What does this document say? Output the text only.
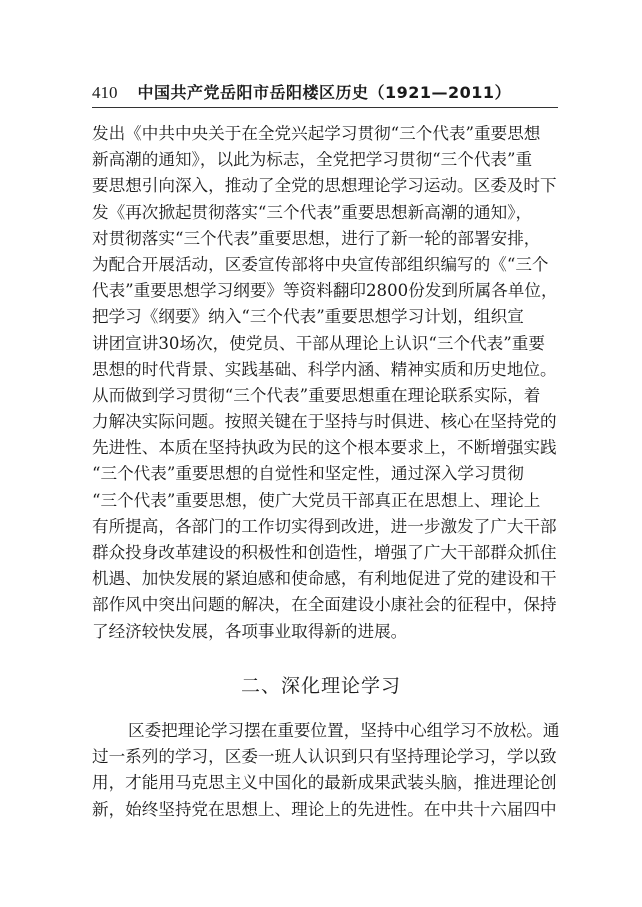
410 中国共产党岳阳市岳阳楼区历史（1921—2011）
发出《中共中央关于在全党兴起学习贯彻“三个代表”重要思想
新高潮的通知》，以此为标志，全党把学习贯彻“三个代表”重
要思想引向深入，推动了全党的思想理论学习运动。区委及时下
发《再次掀起贯彻落实“三个代表”重要思想新高潮的通知》，
对贯彻落实“三个代表”重要思想，进行了新一轮的部署安排，
为配合开展活动，区委宣传部将中央宣传部组织编写的《“三个
代表”重要思想学习纲要》等资料翻印2800份发到所属各单位，
把学习《纲要》纳入“三个代表”重要思想学习计划，组织宣
讲团宣讲30场次，使党员、干部从理论上认识“三个代表”重要
思想的时代背景、实践基础、科学内涵、精神实质和历史地位。
从而做到学习贯彻“三个代表”重要思想重在理论联系实际，着
力解决实际问题。按照关键在于坚持与时俱进、核心在坚持党的
先进性、本质在坚持执政为民的这个根本要求上，不断增强实践
“三个代表”重要思想的自觉性和坚定性，通过深入学习贯彻
“三个代表”重要思想，使广大党员干部真正在思想上、理论上
有所提高，各部门的工作切实得到改进，进一步激发了广大干部
群众投身改革建设的积极性和创造性，增强了广大干部群众抓住
机遇、加快发展的紧迫感和使命感，有利地促进了党的建设和干
部作风中突出问题的解决，在全面建设小康社会的征程中，保持
了经济较快发展，各项事业取得新的进展。
二、深化理论学习
区委把理论学习摆在重要位置，坚持中心组学习不放松。通
过一系列的学习，区委一班人认识到只有坚持理论学习，学以致
用，才能用马克思主义中国化的最新成果武装头脑，推进理论创
新，始终坚持党在思想上、理论上的先进性。在中共十六届四中
